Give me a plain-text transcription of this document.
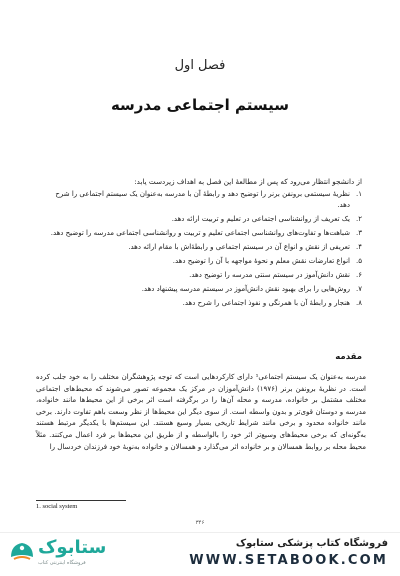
فصل اول
سیستم اجتماعی مدرسه

از دانشجو انتظار می‌رود که پس از مطالعهٔ این فصل به اهداف زیردست یابد:

۱.
نظریهٔ سیستمی برونفن برنر را توضیح دهد و رابطهٔ آن با مدرسه به‌عنوان یک سیستم اجتماعی را شرح دهد.
۲.
یک تعریف از روانشناسی اجتماعی در تعلیم و تربیت ارائه دهد.
۳.
شباهت‌ها و تفاوت‌های روانشناسی اجتماعی تعلیم و تربیت و روانشناسی اجتماعی مدرسه را توضیح دهد.
۴.
تعریفی از نقش و انواع آن در سیستم اجتماعی و رابطهٔ‌اش با مقام ارائه دهد.
۵.
انواع تعارضات نقش معلم و نحوهٔ مواجهه با آن را توضیح دهد.
۶.
نقش دانش‌آموز در سیستم سنتی مدرسه را توضیح دهد.
۷.
روش‌هایی را برای بهبود نقش دانش‌آموز در سیستم مدرسه پیشنهاد دهد.
۸.
هنجار و رابطهٔ آن با همرنگی و نفوذ اجتماعی را شرح دهد.
مقدمه

مدرسه به‌عنوان یک سیستم اجتماعی¹ دارای کارکردهایی است که توجه پژوهشگران مختلف را به خود جلب کرده است. در نظریهٔ برونفن برنر (۱۹۷۶) دانش‌آموزان در مرکز یک مجموعه تصور می‌شوند که محیط‌های اجتماعی مختلف مشتمل بر خانواده، مدرسه و محله آن‌ها را در برگرفته است اثر برخی از این محیط‌ها مانند خانواده، مدرسه و دوستان قوی‌تر و بدون واسطه است. از سوی دیگر این محیط‌ها از نظر وسعت باهم تفاوت دارند. برخی مانند خانواده محدود و برخی مانند شرایط تاریخی بسیار وسیع هستند. این سیستم‌ها با یکدیگر مرتبط هستند به‌گونه‌ای که برخی محیط‌های وسیع‌تر اثر خود را بالواسطه و از طریق این محیط‌ها بر فرد اعمال می‌کنند. مثلاً محیط محله بر روابط همسالان و بر خانواده اثر می‌گذارد و همسالان و خانواده به‌نوبهٔ خود فرزندان خردسال را

1. social system
۳۴۶
ستابوک
فروشگاه اینترنتی کتاب
فروشگاه کتاب پزشکی ستابوک
WWW.SETABOOK.COM
